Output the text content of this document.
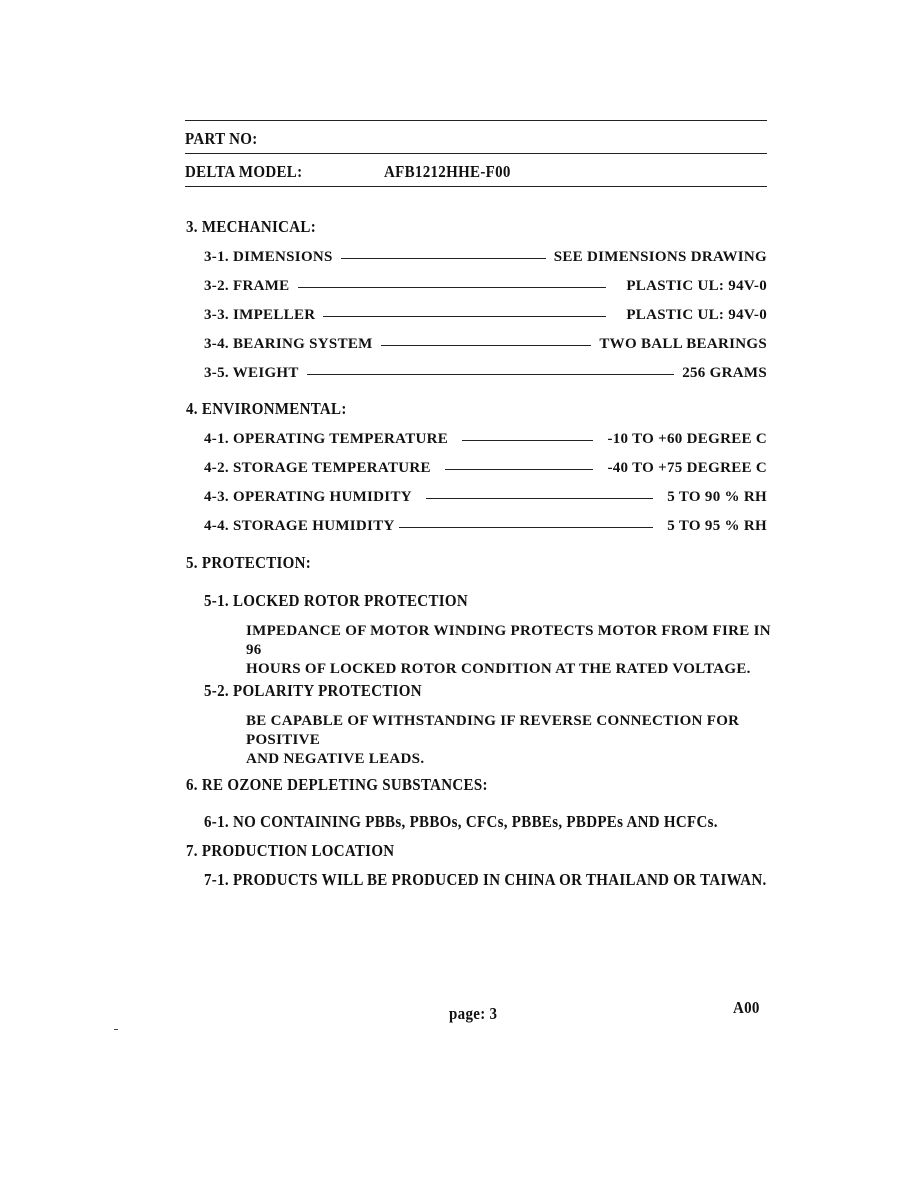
PART NO:
DELTA MODEL:	AFB1212HHE-F00
3. MECHANICAL:
3-1. DIMENSIONS	SEE DIMENSIONS DRAWING
3-2. FRAME	PLASTIC UL: 94V-0
3-3. IMPELLER	PLASTIC UL: 94V-0
3-4. BEARING SYSTEM	TWO BALL BEARINGS
3-5. WEIGHT	256 GRAMS
4. ENVIRONMENTAL:
4-1. OPERATING TEMPERATURE	-10 TO +60 DEGREE C
4-2. STORAGE TEMPERATURE	-40 TO +75 DEGREE C
4-3. OPERATING HUMIDITY	5 TO 90 % RH
4-4. STORAGE HUMIDITY	5 TO 95 % RH
5. PROTECTION:
5-1. LOCKED ROTOR PROTECTION
IMPEDANCE OF MOTOR WINDING PROTECTS MOTOR FROM FIRE IN 96
HOURS OF LOCKED ROTOR CONDITION AT THE RATED VOLTAGE.
5-2. POLARITY PROTECTION
BE CAPABLE OF WITHSTANDING IF REVERSE CONNECTION FOR POSITIVE
AND NEGATIVE LEADS.
6. RE OZONE DEPLETING SUBSTANCES:
6-1. NO CONTAINING PBBs, PBBOs, CFCs, PBBEs, PBDPEs AND HCFCs.
7. PRODUCTION LOCATION
7-1. PRODUCTS WILL BE PRODUCED IN CHINA OR THAILAND OR TAIWAN.
page: 3	A00
